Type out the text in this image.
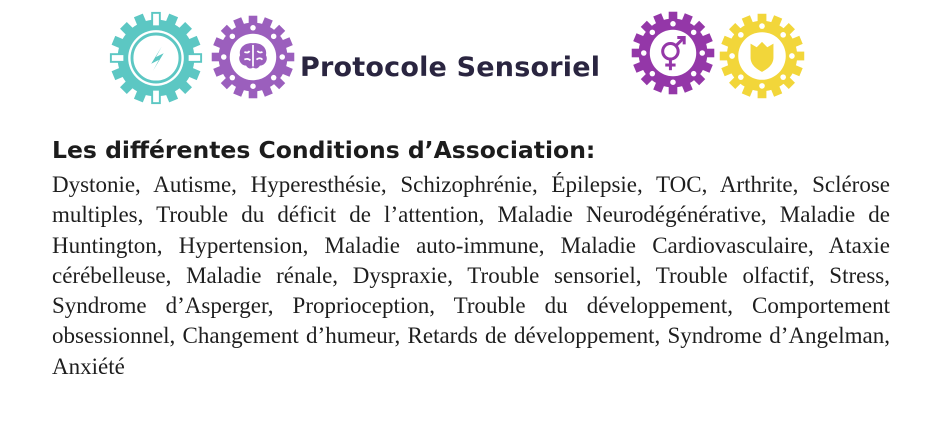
Protocole Sensoriel
Les différentes Conditions d’Association:

Dystonie, Autisme, Hyperesthésie, Schizophrénie, Épilepsie, TOC, Arthrite, Sclérose multiples, Trouble du déficit de l’attention, Maladie Neurodégénérative, Maladie de Huntington, Hypertension, Maladie auto-immune, Maladie Cardiovasculaire, Ataxie cérébelleuse, Maladie rénale, Dyspraxie, Trouble sensoriel, Trouble olfactif, Stress, Syndrome d’Asperger, Proprioception, Trouble du développement, Comportement obsessionnel, Changement d’humeur, Retards de développement, Syndrome d’Angelman, Anxiété
